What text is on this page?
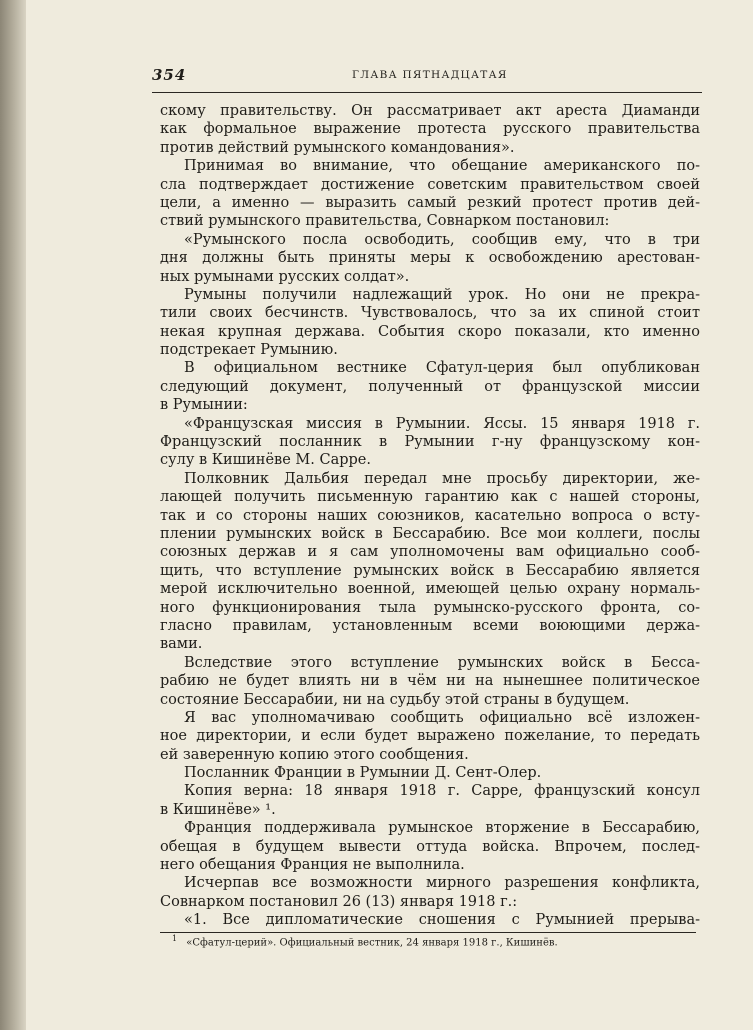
354	ГЛАВА ПЯТНАДЦАТАЯ
скому правительству. Он рассматривает акт ареста Диаманди
как формальное выражение протеста русского правительства
против действий румынского командования».
Принимая во внимание, что обещание американского по-
сла подтверждает достижение советским правительством своей
цели, а именно — выразить самый резкий протест против дей-
ствий румынского правительства, Совнарком постановил:
«Румынского посла освободить, сообщив ему, что в три
дня должны быть приняты меры к освобождению арестован-
ных румынами русских солдат».
Румыны получили надлежащий урок. Но они не прекра-
тили своих бесчинств. Чувствовалось, что за их спиной стоит
некая крупная держава. События скоро показали, кто именно
подстрекает Румынию.
В официальном вестнике Сфатул-церия был опубликован
следующий документ, полученный от французской миссии
в Румынии:
«Французская миссия в Румынии. Яссы. 15 января 1918 г.
Французский посланник в Румынии г-ну французскому кон-
сулу в Кишинёве М. Сарре.
Полковник Дальбия передал мне просьбу директории, же-
лающей получить письменную гарантию как с нашей стороны,
так и со стороны наших союзников, касательно вопроса о всту-
плении румынских войск в Бессарабию. Все мои коллеги, послы
союзных держав и я сам уполномочены вам официально сооб-
щить, что вступление румынских войск в Бессарабию является
мерой исключительно военной, имеющей целью охрану нормаль-
ного функционирования тыла румынско-русского фронта, со-
гласно правилам, установленным всеми воюющими держа-
вами.
Вследствие этого вступление румынских войск в Бесса-
рабию не будет влиять ни в чём ни на нынешнее политическое
состояние Бессарабии, ни на судьбу этой страны в будущем.
Я вас уполномачиваю сообщить официально всё изложен-
ное директории, и если будет выражено пожелание, то передать
ей заверенную копию этого сообщения.
Посланник Франции в Румынии Д. Сент-Олер.
Копия верна: 18 января 1918 г. Сарре, французский консул
в Кишинёве» ¹.
Франция поддерживала румынское вторжение в Бессарабию,
обещая в будущем вывести оттуда войска. Впрочем, послед-
него обещания Франция не выполнила.
Исчерпав все возможности мирного разрешения конфликта,
Совнарком постановил 26 (13) января 1918 г.:
«1. Все дипломатические сношения с Румынией прерыва-
$^1$ «Сфатул-церий». Официальный вестник, 24 января 1918 г., Кишинёв.
